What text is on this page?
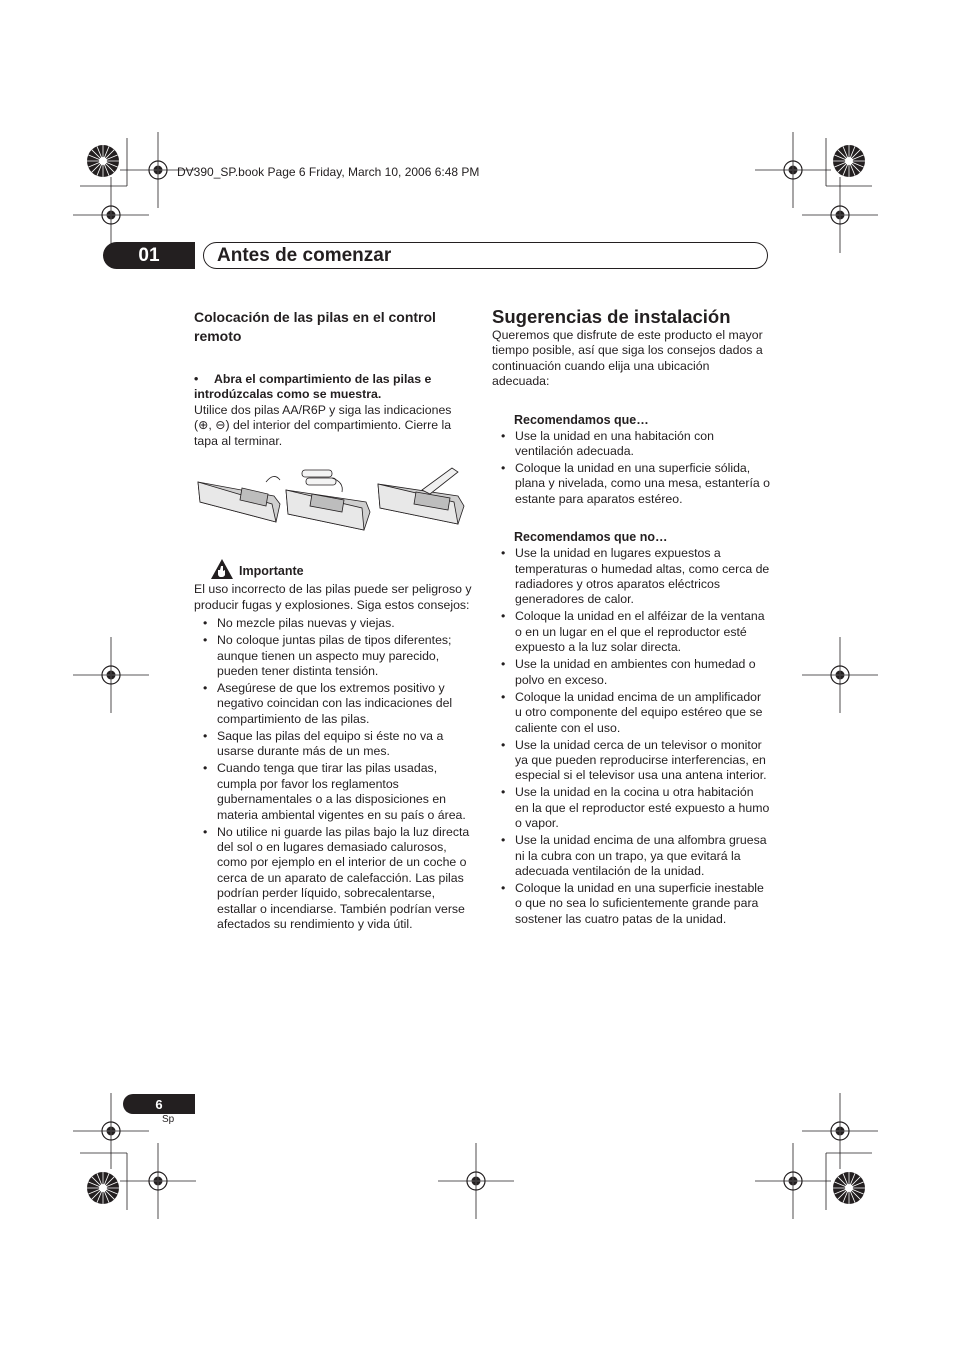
DV390_SP.book Page 6 Friday, March 10, 2006 6:48 PM
01	Antes de comenzar
Colocación de las pilas en el control remoto

• Abra el compartimiento de las pilas e introdúzcalas como se muestra.

Utilice dos pilas AA/R6P y siga las indicaciones (⊕, ⊖) del interior del compartimiento. Cierre la tapa al terminar.

Importante

El uso incorrecto de las pilas puede ser peligroso y producir fugas y explosiones. Siga estos consejos:

• No mezcle pilas nuevas y viejas.
• No coloque juntas pilas de tipos diferentes; aunque tienen un aspecto muy parecido, pueden tener distinta tensión.
• Asegúrese de que los extremos positivo y negativo coincidan con las indicaciones del compartimiento de las pilas.
• Saque las pilas del equipo si éste no va a usarse durante más de un mes.
• Cuando tenga que tirar las pilas usadas, cumpla por favor los reglamentos gubernamentales o a las disposiciones en materia ambiental vigentes en su país o área.
• No utilice ni guarde las pilas bajo la luz directa del sol o en lugares demasiado calurosos, como por ejemplo en el interior de un coche o cerca de un aparato de calefacción. Las pilas podrían perder líquido, sobrecalentarse, estallar o incendiarse. También podrían verse afectados su rendimiento y vida útil.
Sugerencias de instalación

Queremos que disfrute de este producto el mayor tiempo posible, así que siga los consejos dados a continuación cuando elija una ubicación adecuada:

Recomendamos que…
• Use la unidad en una habitación con ventilación adecuada.
• Coloque la unidad en una superficie sólida, plana y nivelada, como una mesa, estantería o estante para aparatos estéreo.
Recomendamos que no…
• Use la unidad en lugares expuestos a temperaturas o humedad altas, como cerca de radiadores y otros aparatos eléctricos generadores de calor.
• Coloque la unidad en el alféizar de la ventana o en un lugar en el que el reproductor esté expuesto a la luz solar directa.
• Use la unidad en ambientes con humedad o polvo en exceso.
• Coloque la unidad encima de un amplificador u otro componente del equipo estéreo que se caliente con el uso.
• Use la unidad cerca de un televisor o monitor ya que pueden reproducirse interferencias, en especial si el televisor usa una antena interior.
• Use la unidad en la cocina u otra habitación en la que el reproductor esté expuesto a humo o vapor.
• Use la unidad encima de una alfombra gruesa ni la cubra con un trapo, ya que evitará la adecuada ventilación de la unidad.
• Coloque la unidad en una superficie inestable o que no sea lo suficientemente grande para sostener las cuatro patas de la unidad.
6
Sp
